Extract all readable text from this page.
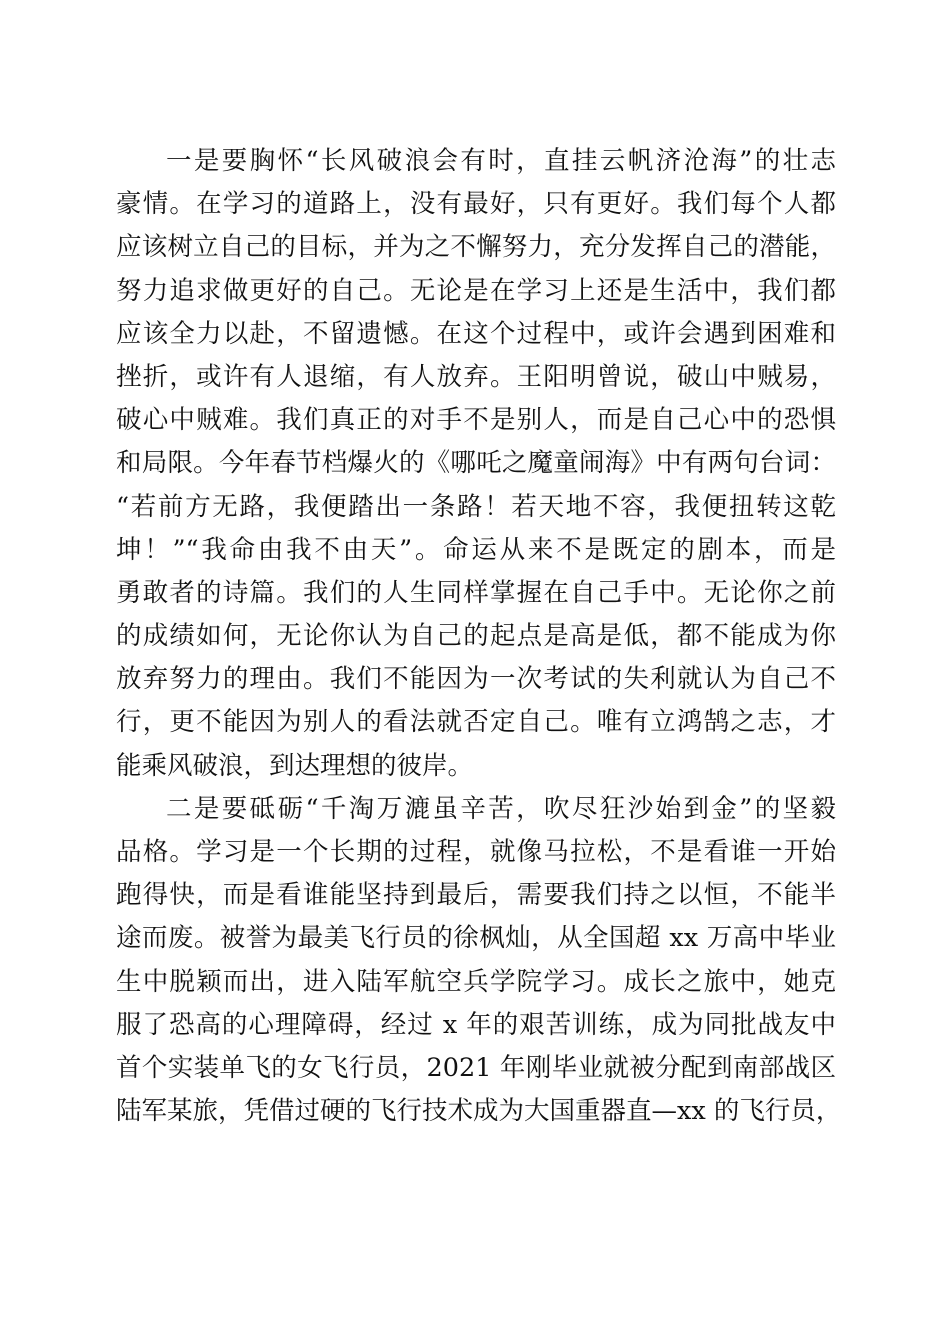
一是要胸怀“长风破浪会有时，直挂云帆济沧海”的壮志
豪情。在学习的道路上，没有最好，只有更好。我们每个人都
应该树立自己的目标，并为之不懈努力，充分发挥自己的潜能，
努力追求做更好的自己。无论是在学习上还是生活中，我们都
应该全力以赴，不留遗憾。在这个过程中，或许会遇到困难和
挫折，或许有人退缩，有人放弃。王阳明曾说，破山中贼易，
破心中贼难。我们真正的对手不是别人，而是自己心中的恐惧
和局限。今年春节档爆火的《哪吒之魔童闹海》中有两句台词：
“若前方无路，我便踏出一条路！若天地不容，我便扭转这乾
坤！”“我命由我不由天”。命运从来不是既定的剧本，而是
勇敢者的诗篇。我们的人生同样掌握在自己手中。无论你之前
的成绩如何，无论你认为自己的起点是高是低，都不能成为你
放弃努力的理由。我们不能因为一次考试的失利就认为自己不
行，更不能因为别人的看法就否定自己。唯有立鸿鹄之志，才
能乘风破浪，到达理想的彼岸。
二是要砥砺“千淘万漉虽辛苦，吹尽狂沙始到金”的坚毅
品格。学习是一个长期的过程，就像马拉松，不是看谁一开始
跑得快，而是看谁能坚持到最后，需要我们持之以恒，不能半
途而废。被誉为最美飞行员的徐枫灿，从全国超 xx 万高中毕业
生中脱颖而出，进入陆军航空兵学院学习。成长之旅中，她克
服了恐高的心理障碍，经过 x 年的艰苦训练，成为同批战友中
首个实装单飞的女飞行员，2021 年刚毕业就被分配到南部战区
陆军某旅，凭借过硬的飞行技术成为大国重器直—xx 的飞行员，
